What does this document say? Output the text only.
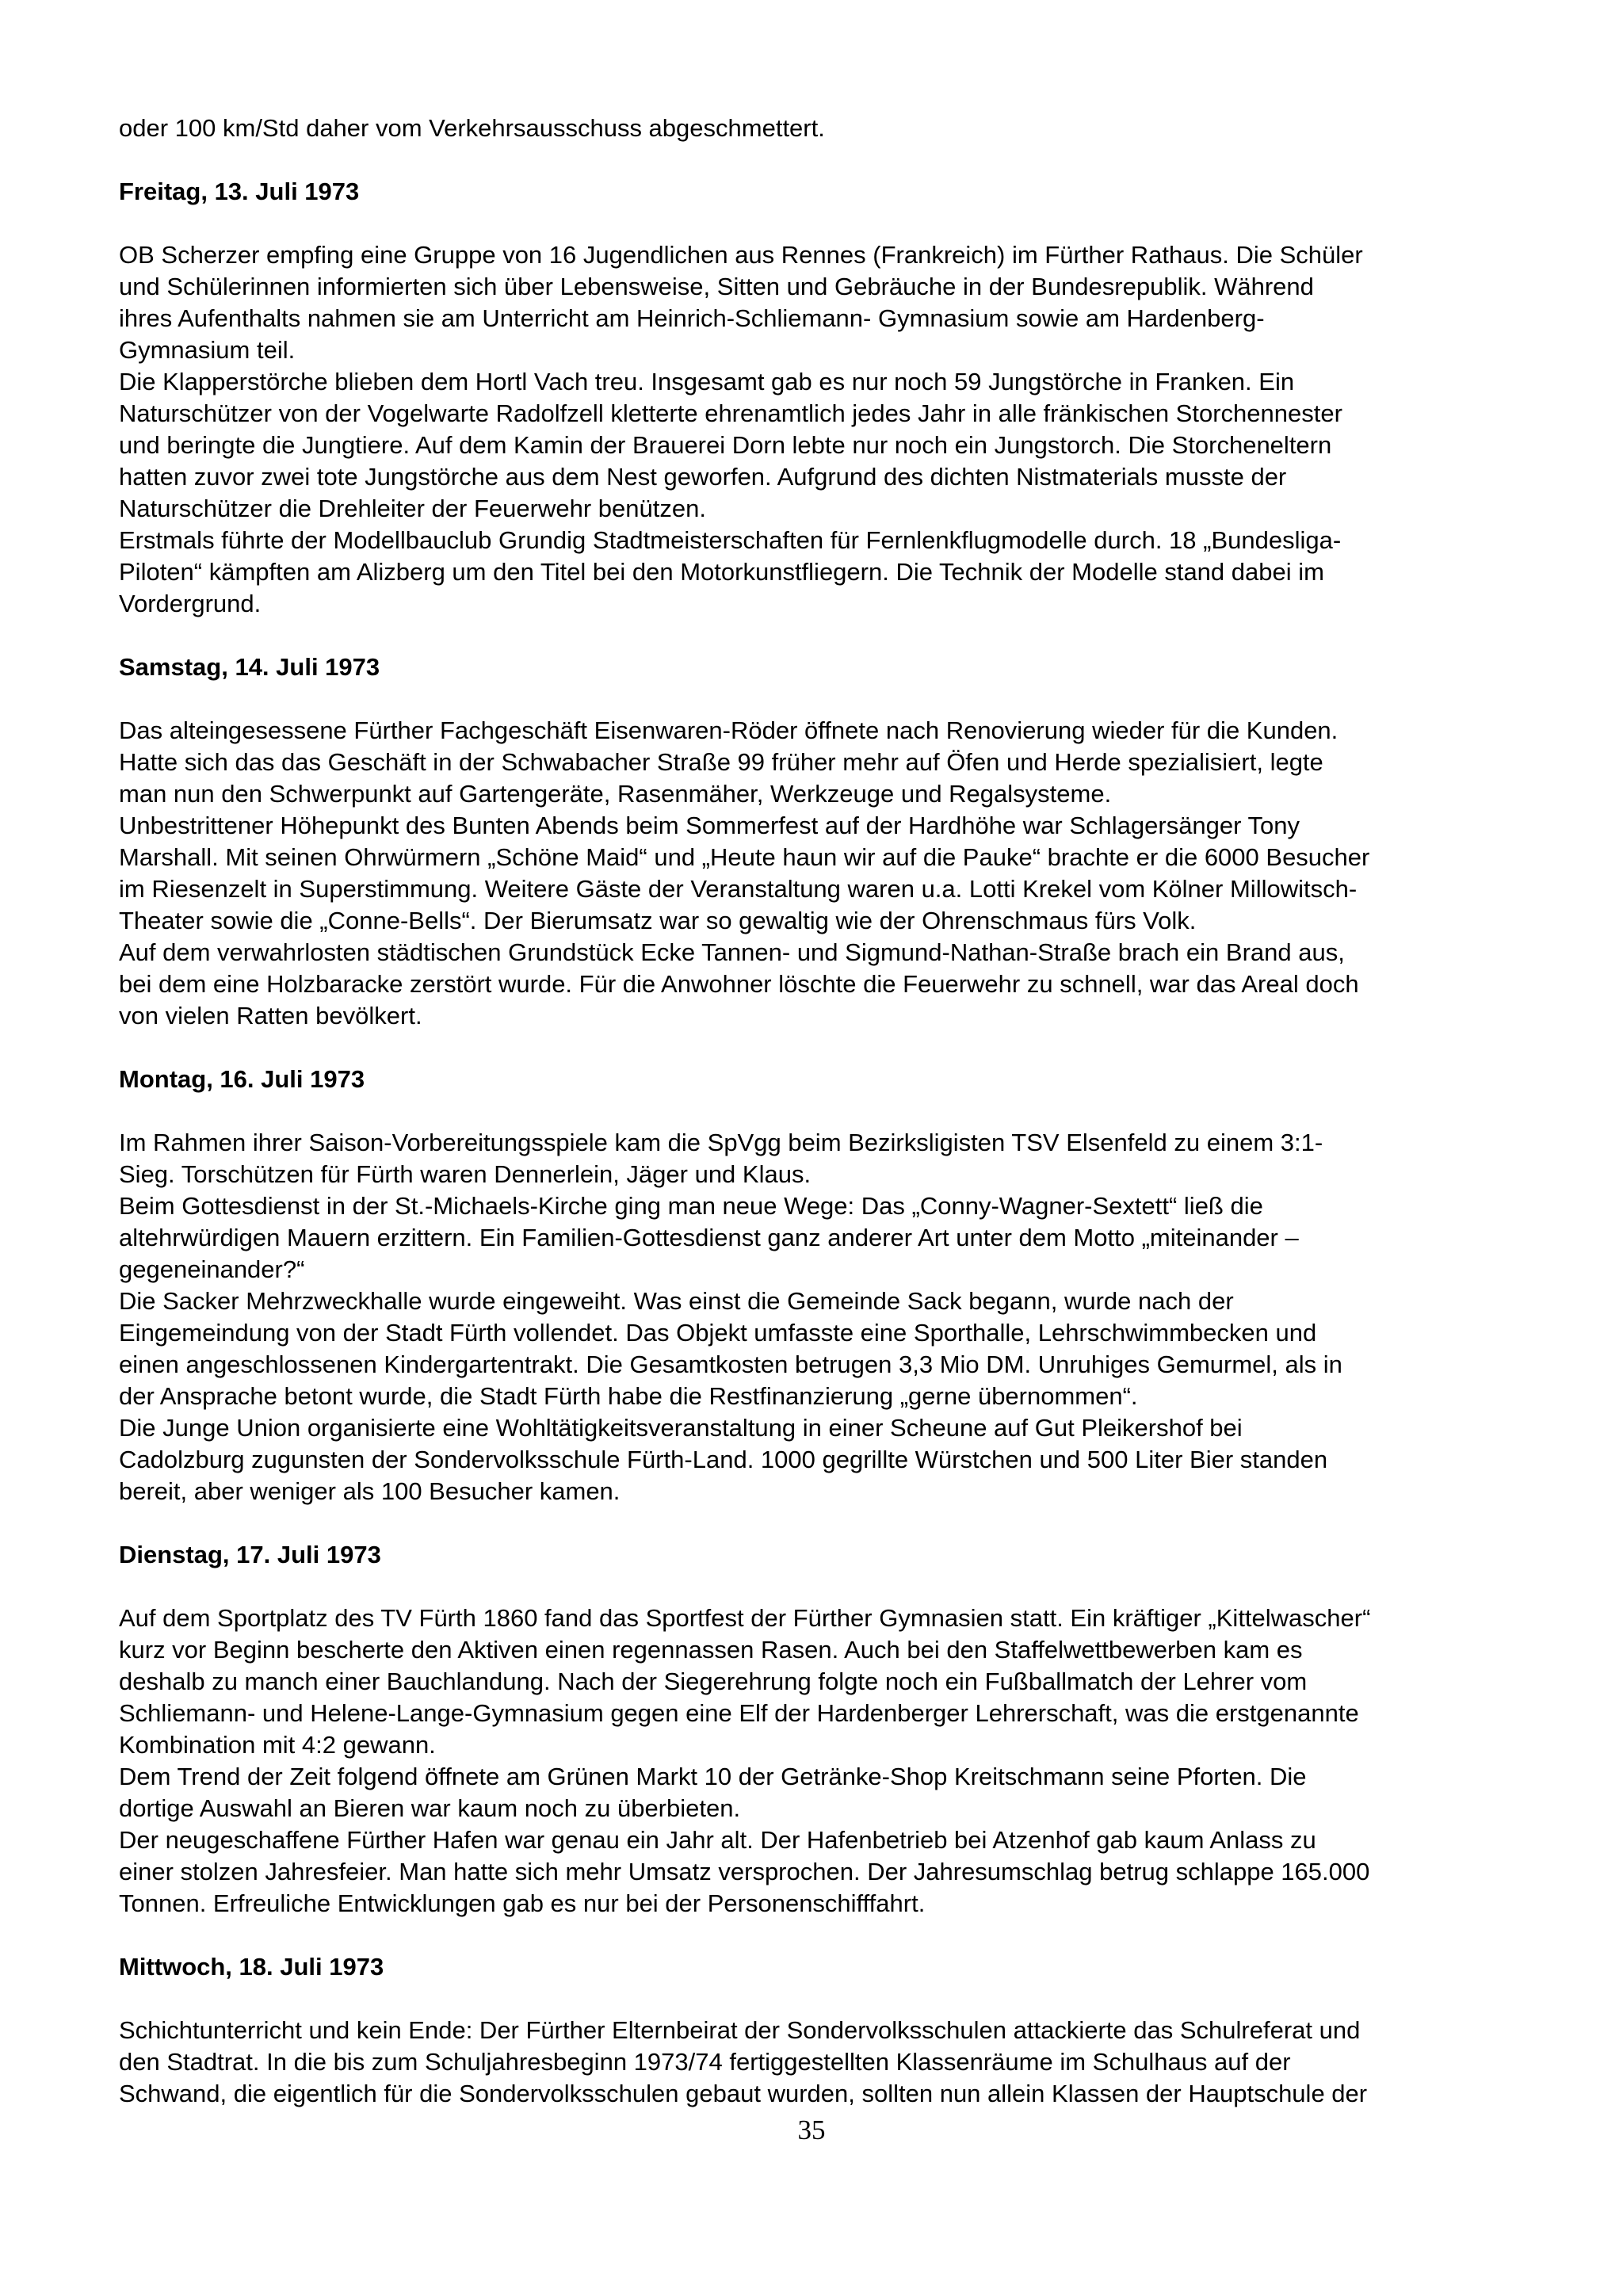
oder 100 km/Std daher vom Verkehrsausschuss abgeschmettert.
Freitag, 13. Juli 1973
OB Scherzer empfing eine Gruppe von 16 Jugendlichen aus Rennes (Frankreich) im Fürther Rathaus. Die Schüler
und Schülerinnen informierten sich über Lebensweise, Sitten und Gebräuche in der Bundesrepublik. Während
ihres Aufenthalts nahmen sie am Unterricht am Heinrich-Schliemann- Gymnasium sowie am Hardenberg-
Gymnasium teil.
Die Klapperstörche blieben dem Hortl Vach treu. Insgesamt gab es nur noch 59 Jungstörche in Franken. Ein
Naturschützer von der Vogelwarte Radolfzell kletterte ehrenamtlich jedes Jahr in alle fränkischen Storchennester
und beringte die Jungtiere. Auf dem Kamin der Brauerei Dorn lebte nur noch ein Jungstorch. Die Storcheneltern
hatten zuvor zwei tote Jungstörche aus dem Nest geworfen. Aufgrund des dichten Nistmaterials musste der
Naturschützer die Drehleiter der Feuerwehr benützen.
Erstmals führte der Modellbauclub Grundig Stadtmeisterschaften für Fernlenkflugmodelle durch. 18 „Bundesliga-
Piloten“ kämpften am Alizberg um den Titel bei den Motorkunstfliegern. Die Technik der Modelle stand dabei im
Vordergrund.
Samstag, 14. Juli 1973
Das alteingesessene Fürther Fachgeschäft Eisenwaren-Röder öffnete nach Renovierung wieder für die Kunden.
Hatte sich das das Geschäft in der Schwabacher Straße 99 früher mehr auf Öfen und Herde spezialisiert, legte
man nun den Schwerpunkt auf Gartengeräte, Rasenmäher, Werkzeuge und Regalsysteme.
Unbestrittener Höhepunkt des Bunten Abends beim Sommerfest auf der Hardhöhe war Schlagersänger Tony
Marshall. Mit seinen Ohrwürmern „Schöne Maid“ und „Heute haun wir auf die Pauke“ brachte er die 6000 Besucher
im Riesenzelt in Superstimmung. Weitere Gäste der Veranstaltung waren u.a. Lotti Krekel vom Kölner Millowitsch-
Theater sowie die „Conne-Bells“. Der Bierumsatz war so gewaltig wie der Ohrenschmaus fürs Volk.
Auf dem verwahrlosten städtischen Grundstück Ecke Tannen- und Sigmund-Nathan-Straße brach ein Brand aus,
bei dem eine Holzbaracke zerstört wurde. Für die Anwohner löschte die Feuerwehr zu schnell, war das Areal doch
von vielen Ratten bevölkert.
Montag, 16. Juli 1973
Im Rahmen ihrer Saison-Vorbereitungsspiele kam die SpVgg beim Bezirksligisten TSV Elsenfeld zu einem 3:1-
Sieg. Torschützen für Fürth waren Dennerlein, Jäger und Klaus.
Beim Gottesdienst in der St.-Michaels-Kirche ging man neue Wege: Das „Conny-Wagner-Sextett“ ließ die
altehrwürdigen Mauern erzittern. Ein Familien-Gottesdienst ganz anderer Art unter dem Motto „miteinander –
gegeneinander?“
Die Sacker Mehrzweckhalle wurde eingeweiht. Was einst die Gemeinde Sack begann, wurde nach der
Eingemeindung von der Stadt Fürth vollendet. Das Objekt umfasste eine Sporthalle, Lehrschwimmbecken und
einen angeschlossenen Kindergartentrakt. Die Gesamtkosten betrugen 3,3 Mio DM. Unruhiges Gemurmel, als in
der Ansprache betont wurde, die Stadt Fürth habe die Restfinanzierung „gerne übernommen“.
Die Junge Union organisierte eine Wohltätigkeitsveranstaltung in einer Scheune auf Gut Pleikershof bei
Cadolzburg zugunsten der Sondervolksschule Fürth-Land. 1000 gegrillte Würstchen und 500 Liter Bier standen
bereit, aber weniger als 100 Besucher kamen.
Dienstag, 17. Juli 1973
Auf dem Sportplatz des TV Fürth 1860 fand das Sportfest der Fürther Gymnasien statt. Ein kräftiger „Kittelwascher“
kurz vor Beginn bescherte den Aktiven einen regennassen Rasen. Auch bei den Staffelwettbewerben kam es
deshalb zu manch einer Bauchlandung. Nach der Siegerehrung folgte noch ein Fußballmatch der Lehrer vom
Schliemann- und Helene-Lange-Gymnasium gegen eine Elf der Hardenberger Lehrerschaft, was die erstgenannte
Kombination mit 4:2 gewann.
Dem Trend der Zeit folgend öffnete am Grünen Markt 10 der Getränke-Shop Kreitschmann seine Pforten. Die
dortige Auswahl an Bieren war kaum noch zu überbieten.
Der neugeschaffene Fürther Hafen war genau ein Jahr alt. Der Hafenbetrieb bei Atzenhof gab kaum Anlass zu
einer stolzen Jahresfeier. Man hatte sich mehr Umsatz versprochen. Der Jahresumschlag betrug schlappe 165.000
Tonnen. Erfreuliche Entwicklungen gab es nur bei der Personenschifffahrt.
Mittwoch, 18. Juli 1973
Schichtunterricht und kein Ende: Der Fürther Elternbeirat der Sondervolksschulen attackierte das Schulreferat und
den Stadtrat. In die bis zum Schuljahresbeginn 1973/74 fertiggestellten Klassenräume im Schulhaus auf der
Schwand, die eigentlich für die Sondervolksschulen gebaut wurden, sollten nun allein Klassen der Hauptschule der
35
